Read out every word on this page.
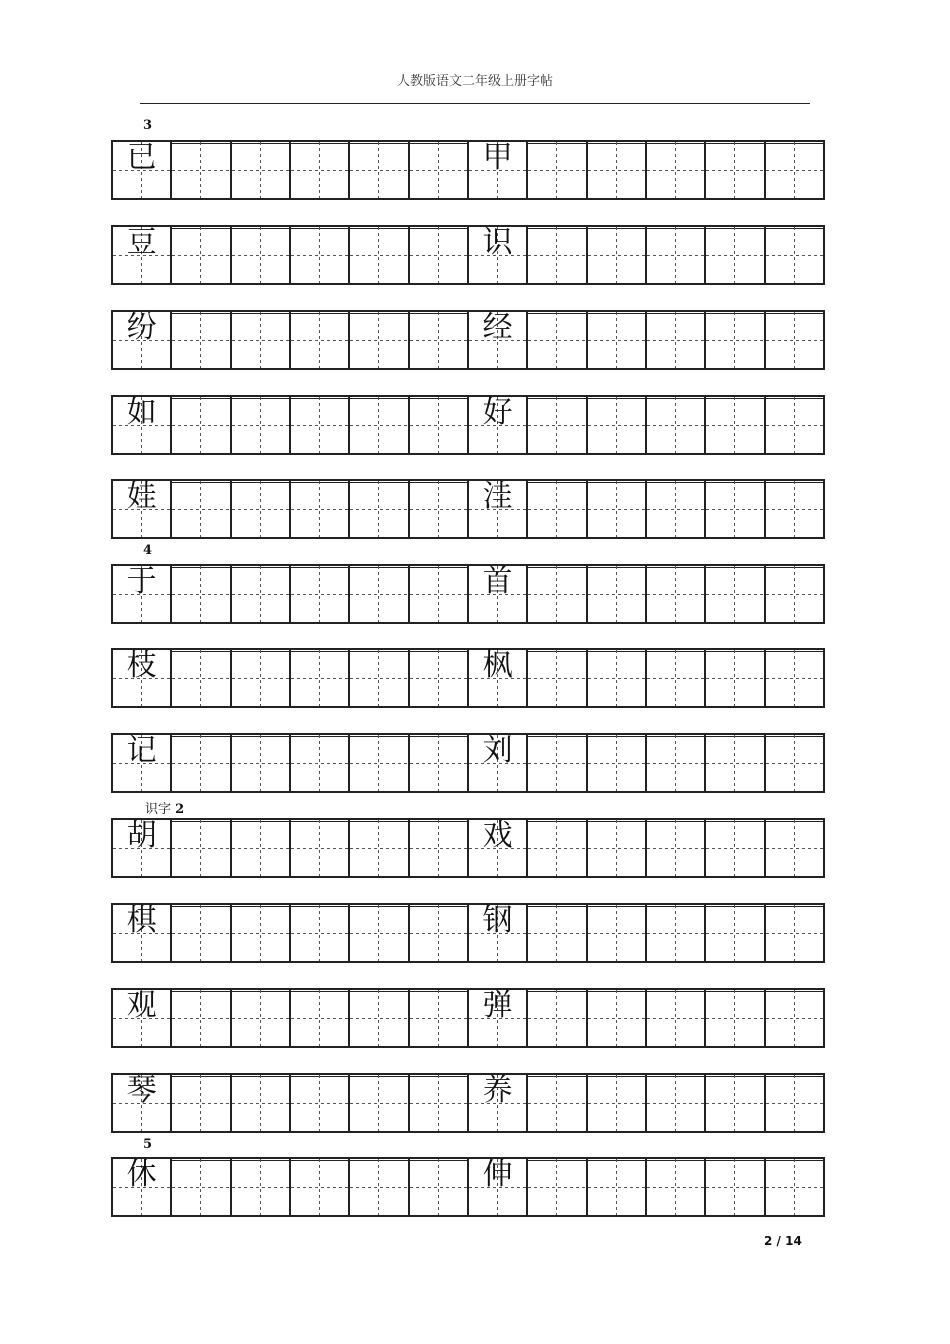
人教版语文二年级上册字帖
3
4
识字 2
5
已	甲
豆	识
纷	经
如	好
娃	洼
于	首
枝	枫
记	刘
胡	戏
棋	钢
观	弹
琴	养
休	伸
2 / 14
